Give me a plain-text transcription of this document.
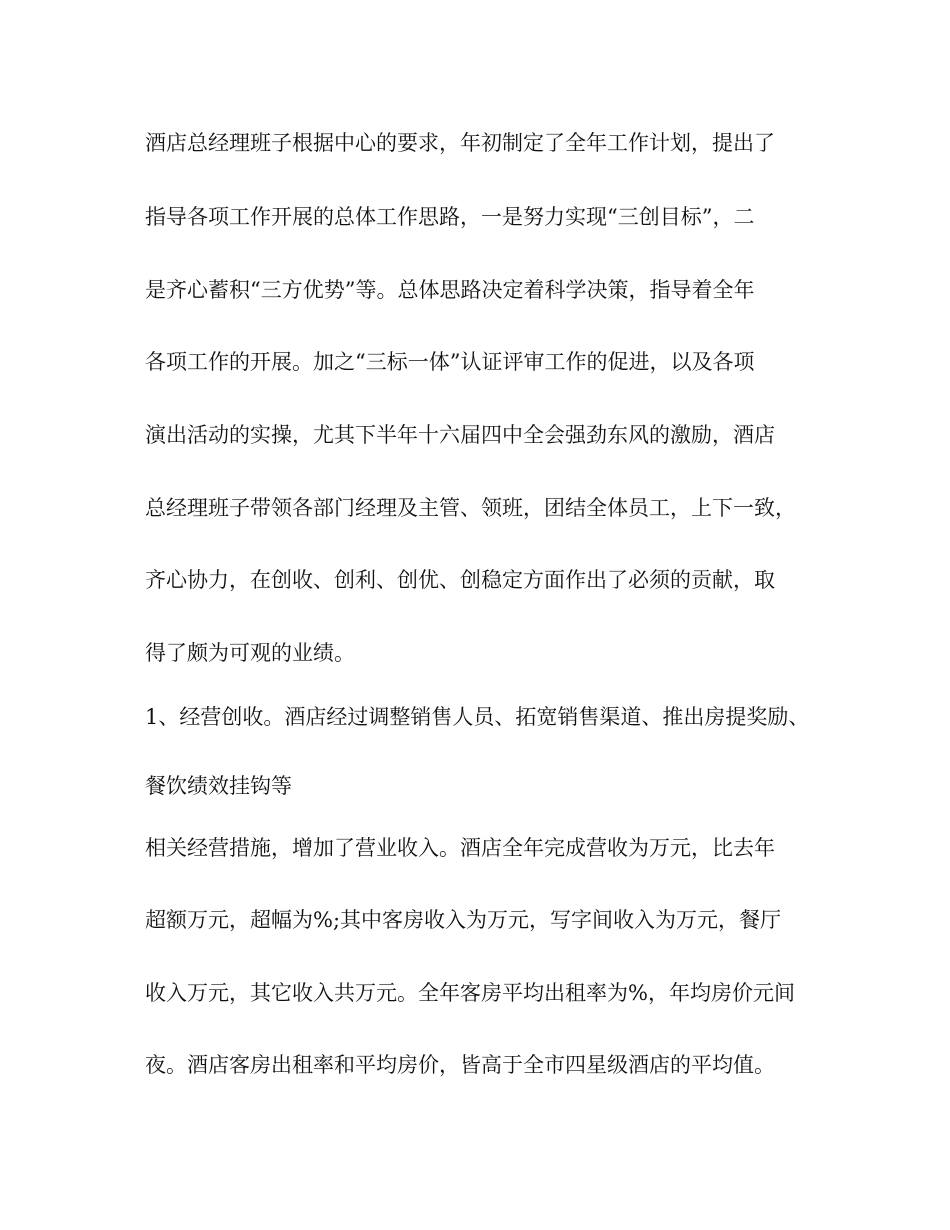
酒店总经理班子根据中心的要求，年初制定了全年工作计划，提出了
指导各项工作开展的总体工作思路，一是努力实现“三创目标”，二
是齐心蓄积“三方优势”等。总体思路决定着科学决策，指导着全年
各项工作的开展。加之“三标一体”认证评审工作的促进，以及各项
演出活动的实操，尤其下半年十六届四中全会强劲东风的激励，酒店
总经理班子带领各部门经理及主管、领班，团结全体员工，上下一致，
齐心协力，在创收、创利、创优、创稳定方面作出了必须的贡献，取
得了颇为可观的业绩。
1、经营创收。酒店经过调整销售人员、拓宽销售渠道、推出房提奖励、
餐饮绩效挂钩等
相关经营措施，增加了营业收入。酒店全年完成营收为万元，比去年
超额万元，超幅为%;其中客房收入为万元，写字间收入为万元，餐厅
收入万元，其它收入共万元。全年客房平均出租率为%，年均房价元间
夜。酒店客房出租率和平均房价，皆高于全市四星级酒店的平均值。
